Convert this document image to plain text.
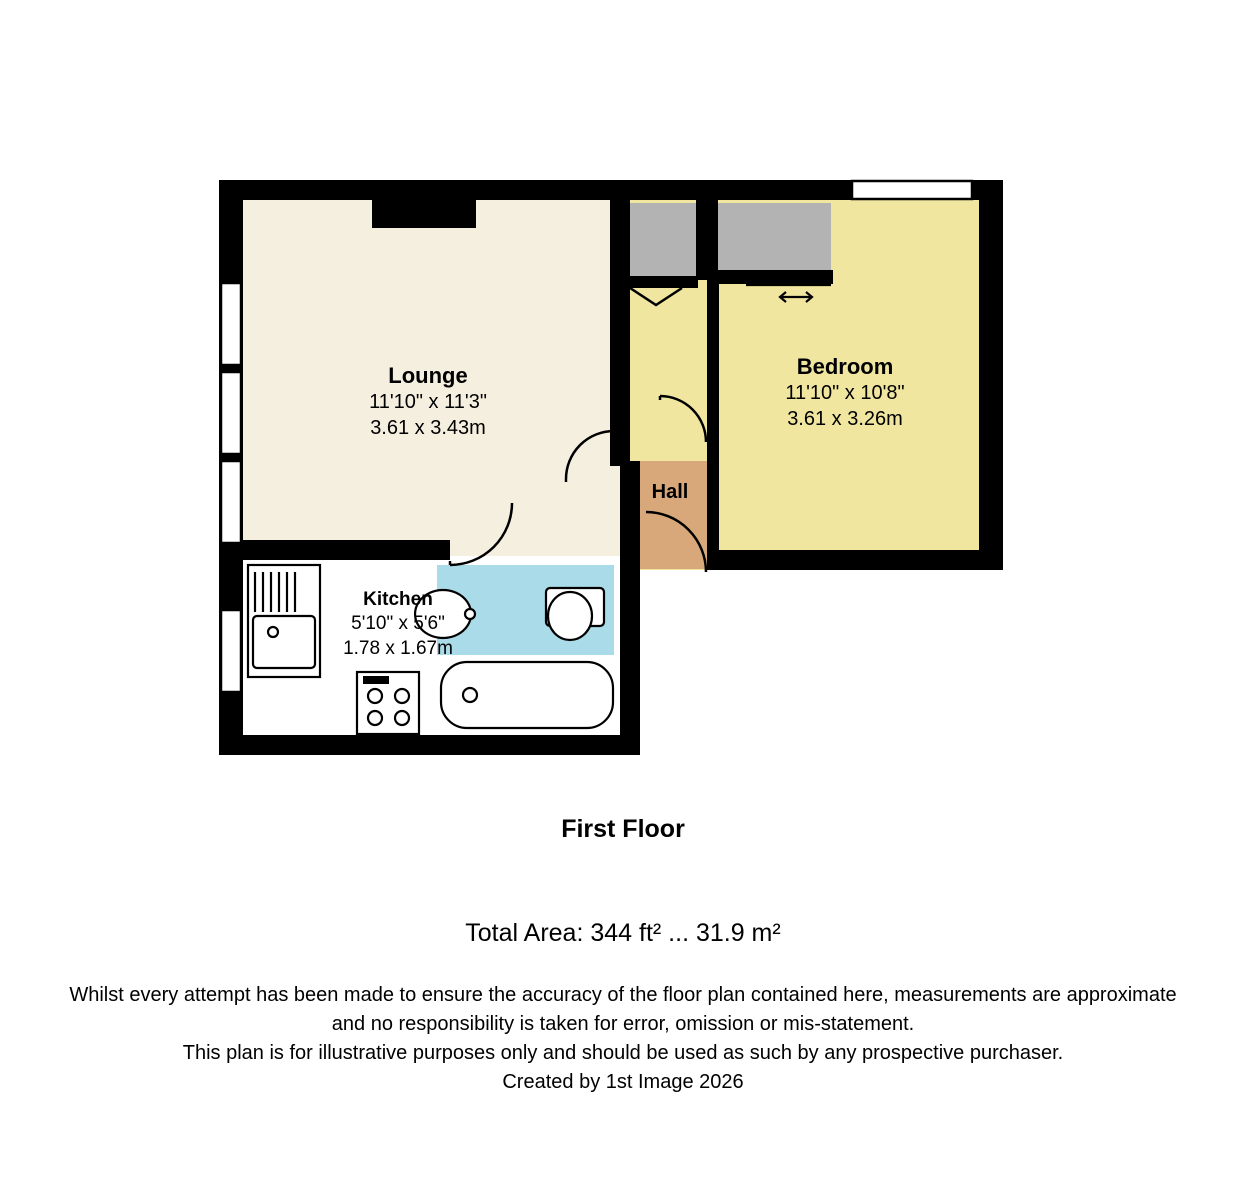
Lounge
11'10" x 11'3"
3.61 x 3.43m
Bedroom
11'10" x 10'8"
3.61 x 3.26m
Kitchen
5'10" x 5'6"
1.78 x 1.67m
Hall
First Floor
Total Area: 344 ft² ... 31.9 m²
Whilst every attempt has been made to ensure the accuracy of the floor plan contained here, measurements are approximate
and no responsibility is taken for error, omission or mis-statement.
This plan is for illustrative purposes only and should be used as such by any prospective purchaser.
Created by 1st Image 2026
